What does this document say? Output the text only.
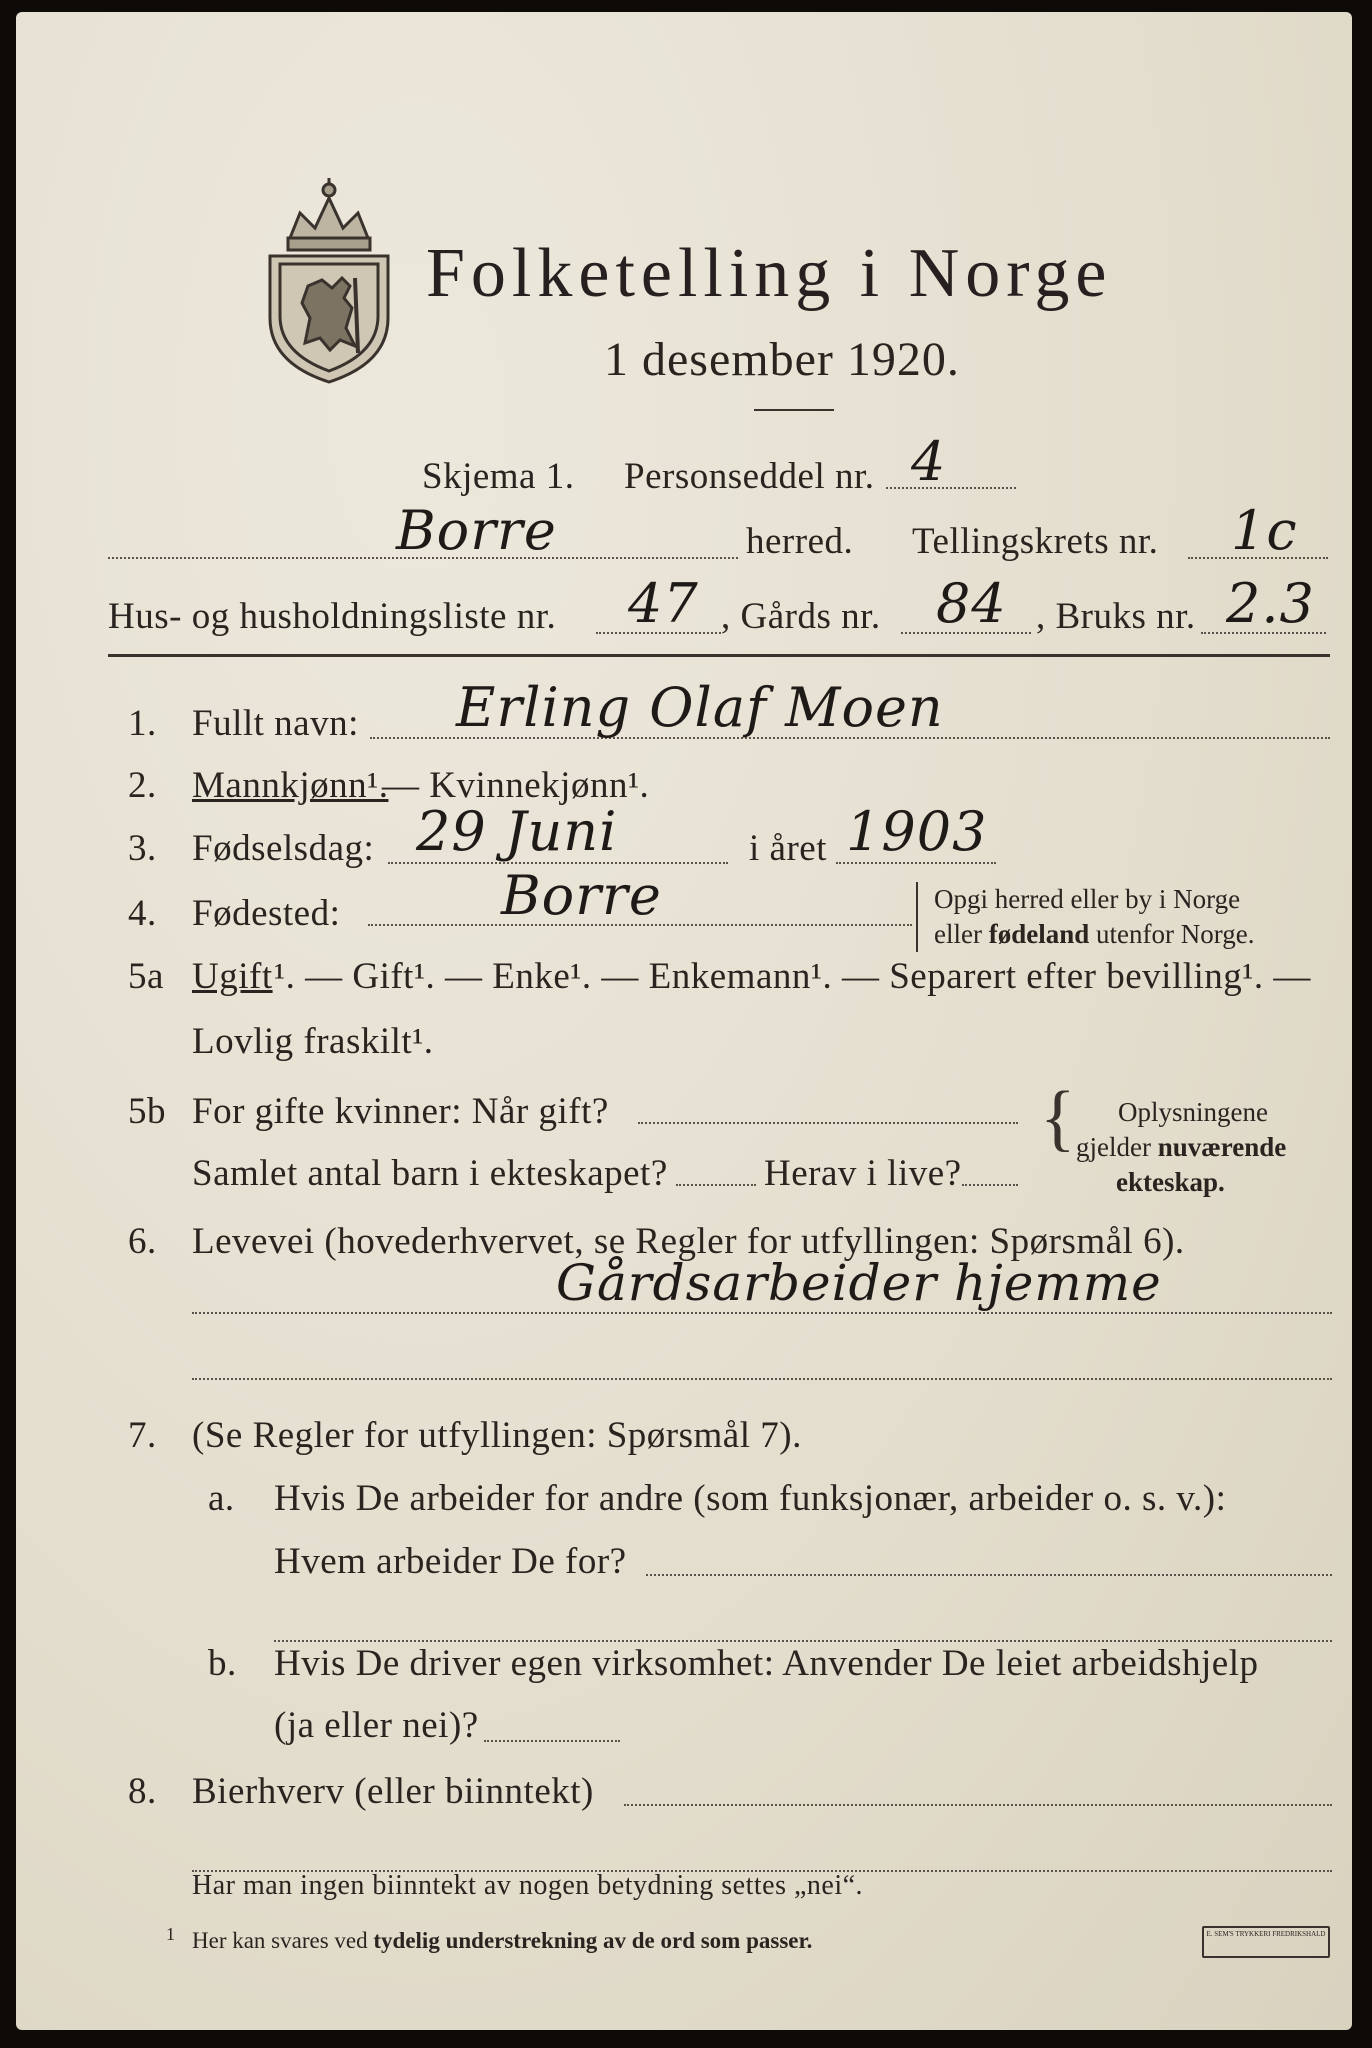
Folketelling i Norge
1 desember 1920.
Skjema 1. Personseddel nr. 4
Borre	herred. Tellingskrets nr. 1c
Hus- og husholdningsliste nr. 47 , Gårds nr. 84 , Bruks nr. 2.3
1. Fullt navn: Erling Olaf Moen
2. Mannkjønn¹.
— Kvinnekjønn¹.
3. Fødselsdag: 29 Juni	i året 1903
4. Fødested:	Borre	Opgi herred eller by i Norge
eller fødeland utenfor Norge.
5a Ugift ¹. — Gift¹. — Enke¹. — Enkemann¹. — Separert efter bevilling¹. —
Lovlig fraskilt¹.
5b For gifte kvinner: Når gift?
Samlet antal barn i ekteskapet?	Herav i live?
{ Oplysningene
gjelder nuværende
ekteskap.
6. Levevei (hovederhvervet, se Regler for utfyllingen: Spørsmål 6).
Gårdsarbeider hjemme
7. (Se Regler for utfyllingen: Spørsmål 7).
a. Hvis De arbeider for andre (som funksjonær, arbeider o. s. v.):
Hvem arbeider De for?
b. Hvis De driver egen virksomhet: Anvender De leiet arbeidshjelp
(ja eller nei)?
8. Bierhverv (eller biinntekt)
Har man ingen biinntekt av nogen betydning settes „nei“.
1 Her kan svares ved tydelig understrekning av de ord som passer.	E. SEM'S TRYKKERI FREDRIKSHALD
